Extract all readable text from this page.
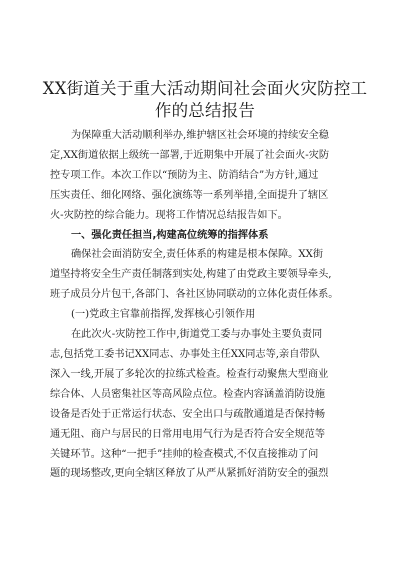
XX街道关于重大活动期间社会面火灾防控工
作的总结报告
为保障重大活动顺利举办,维护辖区社会环境的持续安全稳
定,XX街道依据上级统一部署,于近期集中开展了社会面火-灾防
控专项工作。本次工作以“预防为主、防消结合”为方针,通过
压实责任、细化网络、强化演练等一系列举措,全面提升了辖区
火-灾防控的综合能力。现将工作情况总结报告如下。
一、强化责任担当,构建高位统筹的指挥体系
确保社会面消防安全,责任体系的构建是根本保障。XX街
道坚持将安全生产责任制落到实处,构建了由党政主要领导牵头,
班子成员分片包干,各部门、各社区协同联动的立体化责任体系。
(一)党政主官靠前指挥,发挥核心引领作用
在此次火-灾防控工作中,街道党工委与办事处主要负责同
志,包括党工委书记XX同志、办事处主任XX同志等,亲自带队
深入一线,开展了多轮次的拉练式检查。检查行动聚焦大型商业
综合体、人员密集社区等高风险点位。检查内容涵盖消防设施
设备是否处于正常运行状态、安全出口与疏散通道是否保持畅
通无阻、商户与居民的日常用电用气行为是否符合安全规范等
关键环节。这种“一把手”挂帅的检查模式,不仅直接推动了问
题的现场整改,更向全辖区释放了从严从紧抓好消防安全的强烈
